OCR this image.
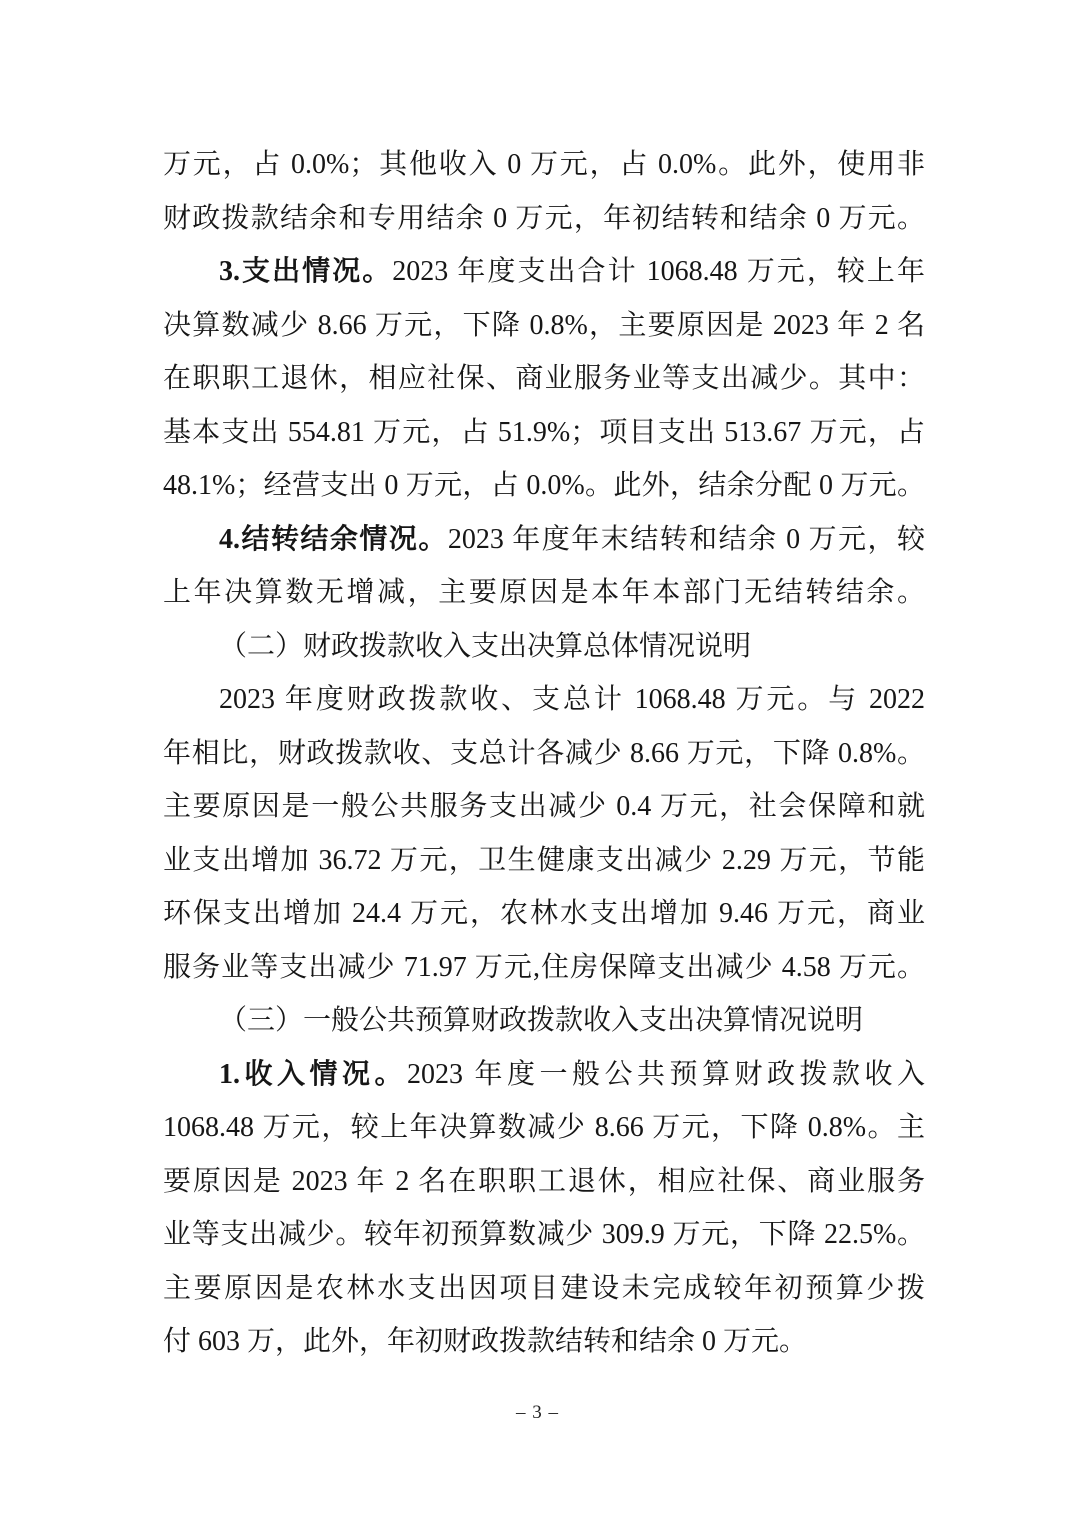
万元，占 0.0%；其他收入 0 万元，占 0.0%。此外，使用非
财政拨款结余和专用结余 0 万元，年初结转和结余 0 万元。
3.支出情况。2023 年度支出合计 1068.48 万元，较上年
决算数减少 8.66 万元，下降 0.8%，主要原因是 2023 年 2 名
在职职工退休，相应社保、商业服务业等支出减少。其中：
基本支出 554.81 万元，占 51.9%；项目支出 513.67 万元，占
48.1%；经营支出 0 万元，占 0.0%。此外，结余分配 0 万元。
4.结转结余情况。2023 年度年末结转和结余 0 万元，较
上年决算数无增减，主要原因是本年本部门无结转结余。
（二）财政拨款收入支出决算总体情况说明
2023 年度财政拨款收、支总计 1068.48 万元。与 2022
年相比，财政拨款收、支总计各减少 8.66 万元，下降 0.8%。
主要原因是一般公共服务支出减少 0.4 万元，社会保障和就
业支出增加 36.72 万元，卫生健康支出减少 2.29 万元，节能
环保支出增加 24.4 万元，农林水支出增加 9.46 万元，商业
服务业等支出减少 71.97 万元,住房保障支出减少 4.58 万元。
（三）一般公共预算财政拨款收入支出决算情况说明
1.收入情况。2023 年度一般公共预算财政拨款收入
1068.48 万元，较上年决算数减少 8.66 万元，下降 0.8%。主
要原因是 2023 年 2 名在职职工退休，相应社保、商业服务
业等支出减少。较年初预算数减少 309.9 万元，下降 22.5%。
主要原因是农林水支出因项目建设未完成较年初预算少拨
付 603 万，此外，年初财政拨款结转和结余 0 万元。
– 3 –
